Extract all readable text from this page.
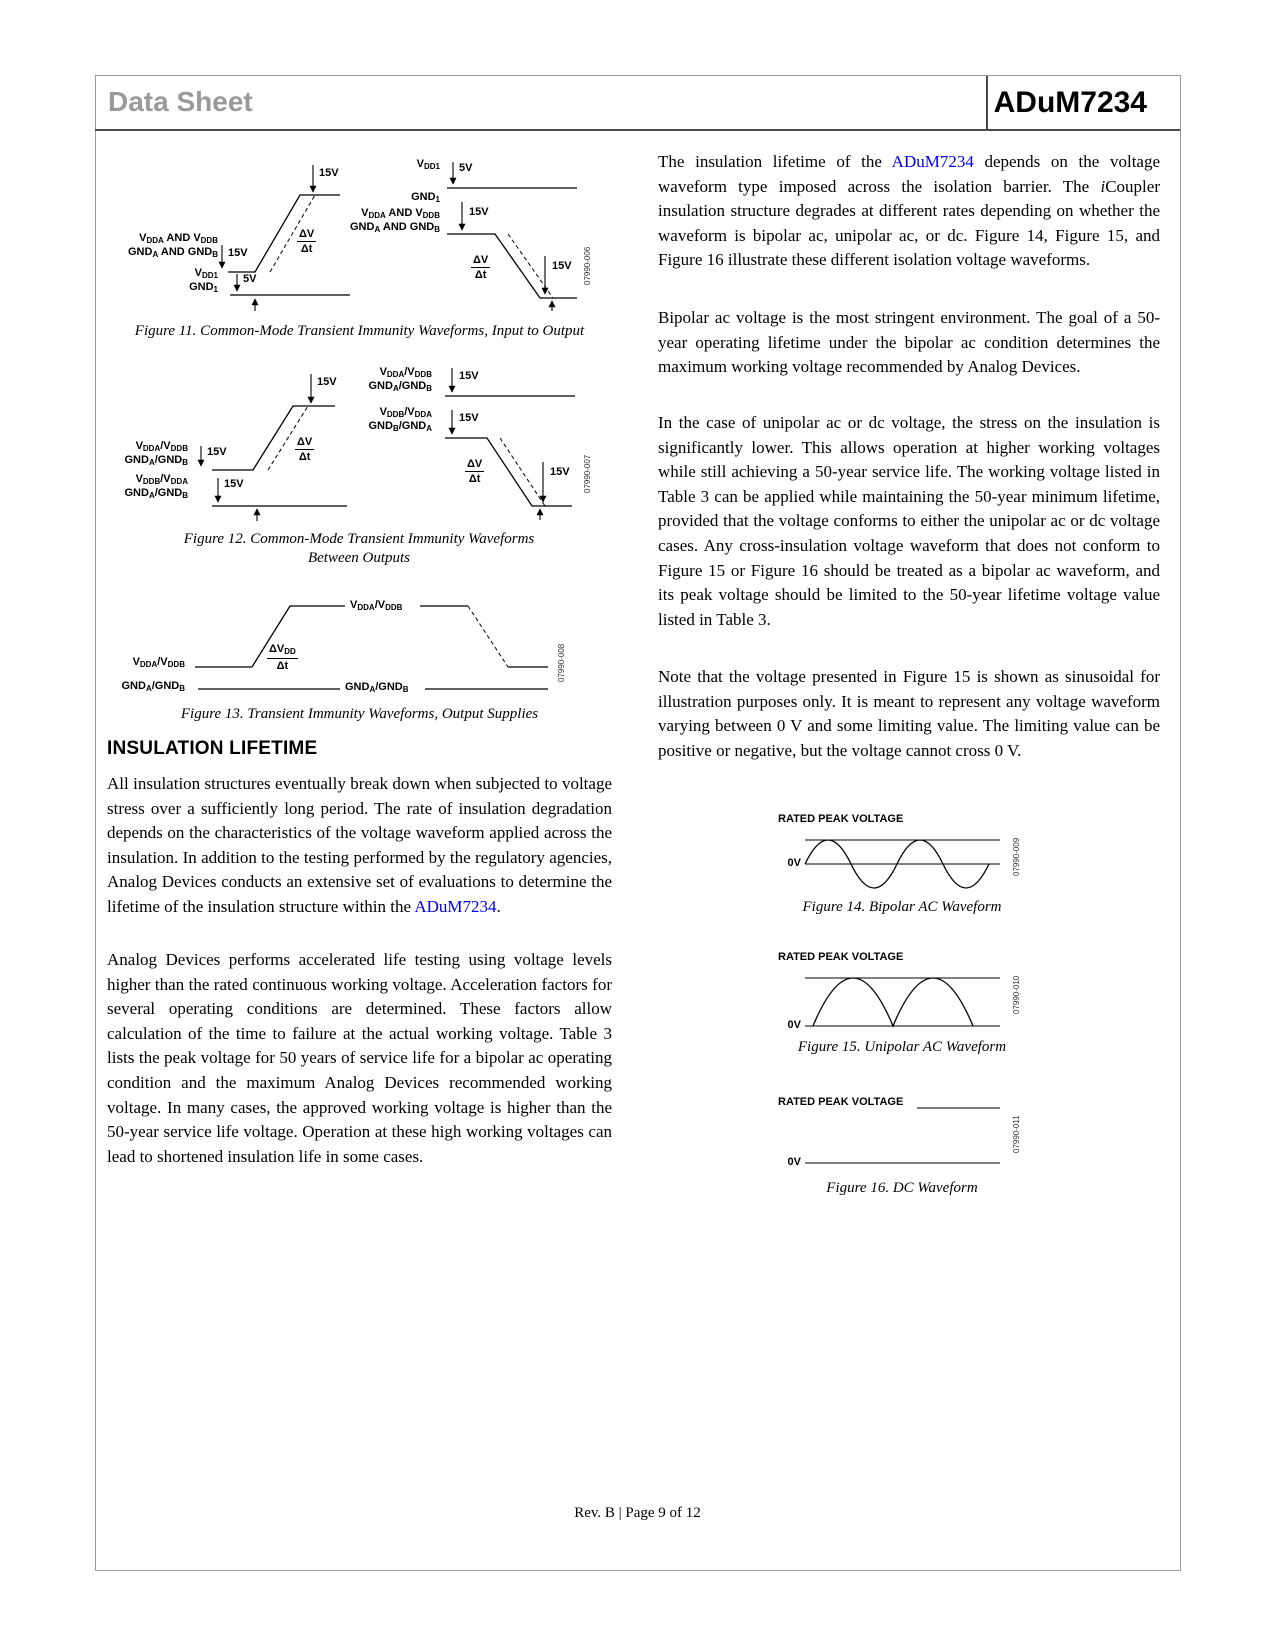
Data Sheet	ADuM7234
$V_{DDA}$ AND $V_{DDB}$
$GND_A$ AND $GND_B$
$V_{DD1}$
$GND_1$
15V
5V
15V
$\frac{\Delta V}{\Delta t}$
$V_{DD1}$
$GND_1$
5V
$V_{DDA}$ AND $V_{DDB}$
$GND_A$ AND $GND_B$
15V
$\frac{\Delta V}{\Delta t}$	15V 07990-006
Figure 11. Common-Mode Transient Immunity Waveforms, Input to Output
$V_{DDA}/V_{DDB}$
$GND_A/GND_B$
$V_{DDB}/V_{DDA}$
$GND_A/GND_B$
15V
15V
15V
$\frac{\Delta V}{\Delta t}$
$V_{DDA}/V_{DDB}$
$GND_A/GND_B$
$V_{DDB}/V_{DDA}$
$GND_B/GND_A$
15V
15V
$\frac{\Delta V}{\Delta t}$	15V 07990-007
Figure 12. Common-Mode Transient Immunity Waveforms Between Outputs
$V_{DDA}/V_{DDB}$
$GND_A/GND_B$
$V_{DDA}/V_{DDB}$
$GND_A/GND_B$
$\Delta V_{DD}$
Δt	07990-008
Figure 13. Transient Immunity Waveforms, Output Supplies
INSULATION LIFETIME
All insulation structures eventually break down when subjected to voltage stress over a sufficiently long period. The rate of insulation degradation depends on the characteristics of the voltage waveform applied across the insulation. In addition to the testing performed by the regulatory agencies, Analog Devices conducts an extensive set of evaluations to determine the lifetime of the insulation structure within the ADuM7234.
Analog Devices performs accelerated life testing using voltage levels higher than the rated continuous working voltage. Acceleration factors for several operating conditions are determined. These factors allow calculation of the time to failure at the actual working voltage. Table 3 lists the peak voltage for 50 years of service life for a bipolar ac operating condition and the maximum Analog Devices recommended working voltage. In many cases, the approved working voltage is higher than the 50-year service life voltage. Operation at these high working voltages can lead to shortened insulation life in some cases.
The insulation lifetime of the ADuM7234 depends on the voltage waveform type imposed across the isolation barrier. The iCoupler insulation structure degrades at different rates depending on whether the waveform is bipolar ac, unipolar ac, or dc. Figure 14, Figure 15, and Figure 16 illustrate these different isolation voltage waveforms.
Bipolar ac voltage is the most stringent environment. The goal of a 50-year operating lifetime under the bipolar ac condition determines the maximum working voltage recommended by Analog Devices.
In the case of unipolar ac or dc voltage, the stress on the insulation is significantly lower. This allows operation at higher working voltages while still achieving a 50-year service life. The working voltage listed in Table 3 can be applied while maintaining the 50-year minimum lifetime, provided that the voltage conforms to either the unipolar ac or dc voltage cases. Any cross-insulation voltage waveform that does not conform to Figure 15 or Figure 16 should be treated as a bipolar ac waveform, and its peak voltage should be limited to the 50-year lifetime voltage value listed in Table 3.
Note that the voltage presented in Figure 15 is shown as sinusoidal for illustration purposes only. It is meant to represent any voltage waveform varying between 0 V and some limiting value. The limiting value can be positive or negative, but the voltage cannot cross 0 V.
RATED PEAK VOLTAGE
0V	07990-009
Figure 14. Bipolar AC Waveform
RATED PEAK VOLTAGE
0V
07990-010
Figure 15. Unipolar AC Waveform
RATED PEAK VOLTAGE
0V
07990-011
Figure 16. DC Waveform
Rev. B | Page 9 of 12
